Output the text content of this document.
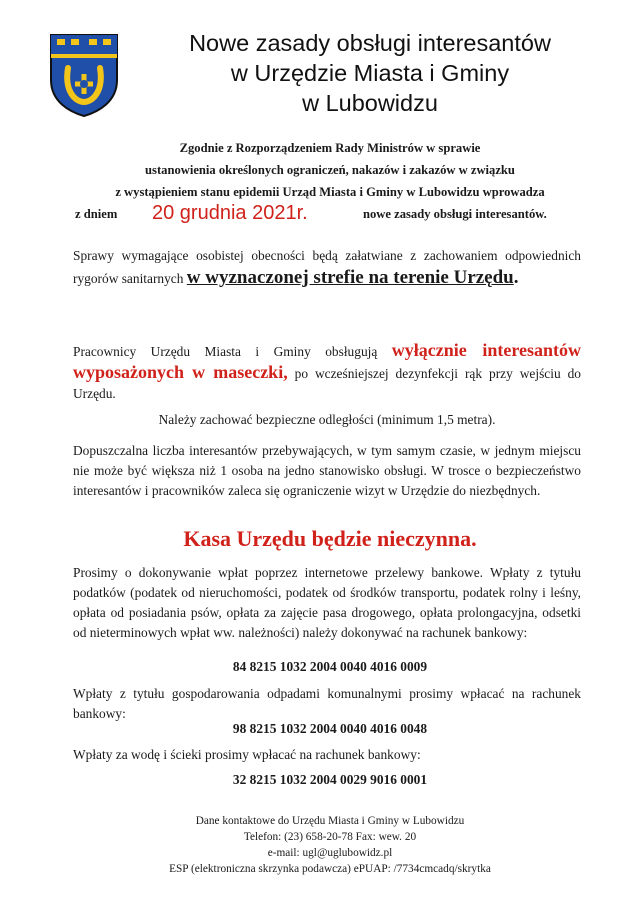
Nowe zasady obsługi interesantów
w Urzędzie Miasta i Gminy
w Lubowidzu
Zgodnie z Rozporządzeniem Rady Ministrów w sprawie
ustanowienia określonych ograniczeń, nakazów i zakazów w związku
z wystąpieniem stanu epidemii Urząd Miasta i Gminy w Lubowidzu wprowadza
z dniem 20 grudnia 2021r.	nowe zasady obsługi interesantów.
Sprawy wymagające osobistej obecności będą załatwiane z zachowaniem odpowiednich rygorów sanitarnych w wyznaczonej strefie na terenie Urzędu.
Pracownicy Urzędu Miasta i Gminy obsługują wyłącznie interesantów wyposażonych w maseczki, po wcześniejszej dezynfekcji rąk przy wejściu do Urzędu.
Należy zachować bezpieczne odległości (minimum 1,5 metra).
Dopuszczalna liczba interesantów przebywających, w tym samym czasie, w jednym miejscu nie może być większa niż 1 osoba na jedno stanowisko obsługi. W trosce o bezpieczeństwo interesantów i pracowników zaleca się ograniczenie wizyt w Urzędzie do niezbędnych.
Kasa Urzędu będzie nieczynna.
Prosimy o dokonywanie wpłat poprzez internetowe przelewy bankowe. Wpłaty z tytułu podatków (podatek od nieruchomości, podatek od środków transportu, podatek rolny i leśny, opłata od posiadania psów, opłata za zajęcie pasa drogowego, opłata prolongacyjna, odsetki od nieterminowych wpłat ww. należności) należy dokonywać na rachunek bankowy:
84 8215 1032 2004 0040 4016 0009
Wpłaty z tytułu gospodarowania odpadami komunalnymi prosimy wpłacać na rachunek bankowy:
98 8215 1032 2004 0040 4016 0048
Wpłaty za wodę i ścieki prosimy wpłacać na rachunek bankowy:
32 8215 1032 2004 0029 9016 0001
Dane kontaktowe do Urzędu Miasta i Gminy w Lubowidzu
Telefon: (23) 658-20-78 Fax: wew. 20
e-mail: ugl@uglubowidz.pl
ESP (elektroniczna skrzynka podawcza) ePUAP: /7734cmcadq/skrytka
